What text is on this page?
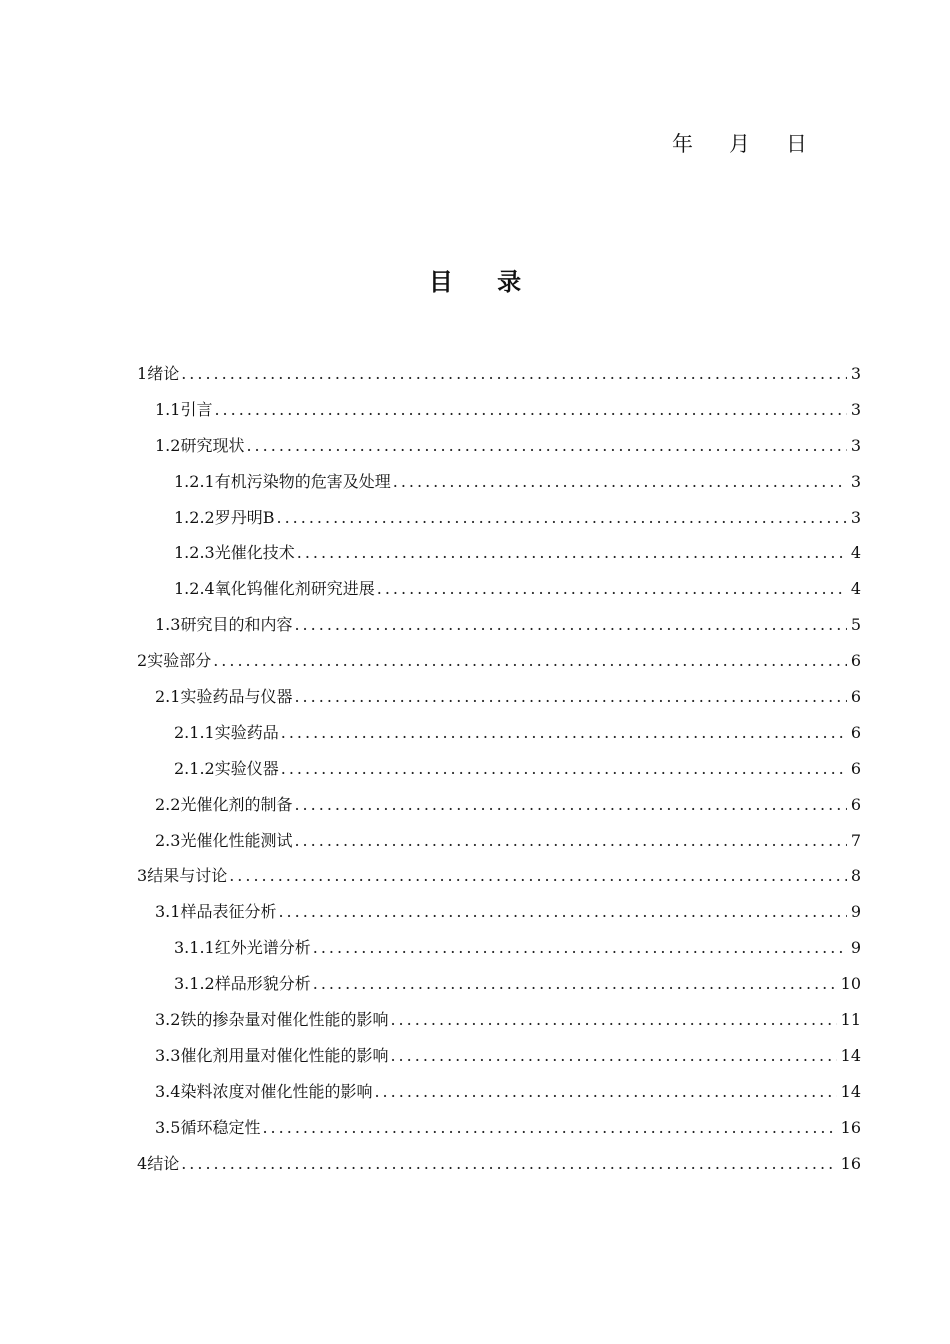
年 月 日
目 录
1 绪论 .....	3
1.1 引言 .....	3
1.2 研究现状 .....	3
1.2.1 有机污染物的危害及处理 .....	3
1.2.2 罗丹明B .....	3
1.2.3 光催化技术 .....	4
1.2.4 氧化钨催化剂研究进展 .....	4
1.3 研究目的和内容 .....	5
2 实验部分 .....	6
2.1 实验药品与仪器 .....	6
2.1.1 实验药品 .....	6
2.1.2 实验仪器 .....	6
2.2 光催化剂的制备 .....	6
2.3 光催化性能测试 .....	7
3 结果与讨论 .....	8
3.1 样品表征分析 .....	9
3.1.1 红外光谱分析 .....	9
3.1.2 样品形貌分析 .....	10
3.2 铁的掺杂量对催化性能的影响 .....	11
3.3 催化剂用量对催化性能的影响 .....	14
3.4 染料浓度对催化性能的影响 .....	14
3.5 循环稳定性 .....	16
4 结论 .....	16
